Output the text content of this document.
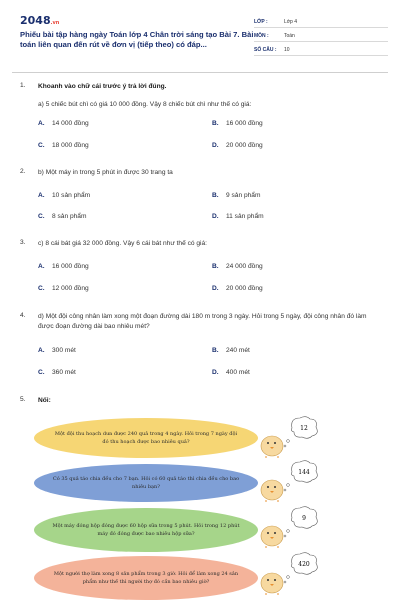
2048.vn
Phiếu bài tập hàng ngày Toán lớp 4 Chân trời sáng tạo Bài 7. Bài toán liên quan đến rút về đơn vị (tiếp theo) có đáp...
LỚP :	Lớp 4
MÔN :	Toán
SỐ CÂU :	10
1. Khoanh vào chữ cái trước ý trả lời đúng.
a) 5 chiếc bút chì có giá 10 000 đồng. Vậy 8 chiếc bút chì như thế có giá:
A. 14 000 đồng	B. 16 000 đồng
C. 18 000 đồng	D. 20 000 đồng
2. b) Một máy in trong 5 phút in được 30 trang ta
A. 10 sản phẩm	B. 9 sản phẩm
C. 8 sản phẩm	D. 11 sản phẩm
3. c) 8 cái bát giá 32 000 đồng. Vậy 6 cái bát như thế có giá:
A. 16 000 đồng	B. 24 000 đồng
C. 12 000 đồng	D. 20 000 đồng
4. d) Một đội công nhân làm xong một đoạn đường dài 180 m trong 3 ngày. Hỏi trong 5 ngày, đội công nhân đó làm được đoạn đường dài bao nhiêu mét?
A. 300 mét	B. 240 mét
C. 360 mét	D. 400 mét
5. Nối:
Một đội thu hoạch dưa được 240 quả trong 4 ngày. Hỏi trong 7 ngày đội đó thu hoạch được bao nhiêu quả?
Có 35 quả táo chia đều cho 7 bạn. Hỏi có 60 quả táo thì chia đều cho bao nhiêu bạn?
Một máy đóng hộp đóng được 60 hộp sữa trong 5 phút. Hỏi trong 12 phút máy đó đóng được bao nhiêu hộp sữa?
Một người thợ làm xong 8 sản phẩm trong 3 giờ. Hỏi để làm xong 24 sản phẩm như thế thì người thợ đó cần bao nhiêu giờ?
12
144
9
420
